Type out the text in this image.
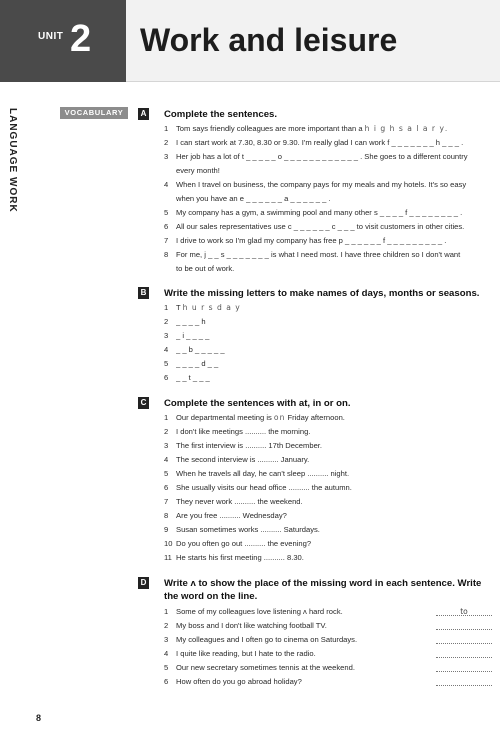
UNIT 2 Work and leisure
LANGUAGE WORK	VOCABULARY	A Complete the sentences.
1	Tom says friendly colleagues are more important than a h i g h s a l a r y.
2	I can start work at 7.30, 8.30 or 9.30. I'm really glad I can work f _ _ _ _ _ _ _ h _ _ _ .
3	Her job has a lot of t _ _ _ _ _ o _ _ _ _ _ _ _ _ _ _ _ _ . She goes to a different country
every month!
4	When I travel on business, the company pays for my meals and my hotels. It's so easy
when you have an e _ _ _ _ _ _ a _ _ _ _ _ _ .
5	My company has a gym, a swimming pool and many other s _ _ _ _ f _ _ _ _ _ _ _ _ .
6	All our sales representatives use c _ _ _ _ _ _ c _ _ _ to visit customers in other cities.
7	I drive to work so I'm glad my company has free p _ _ _ _ _ _ f _ _ _ _ _ _ _ _ _ .
8	For me, j _ _ s _ _ _ _ _ _ _ is what I need most. I have three children so I don't want
to be out of work.
B Write the missing letters to make names of days, months or seasons.
1	T h u r s d a y
2	_ _ _ _ h
3	_ i _ _ _ _
4	_ _ b _ _ _ _ _
5	_ _ _ _ d _ _
6	_ _ t _ _ _
C Complete the sentences with at, in or on.
1	Our departmental meeting is on Friday afternoon.
2	I don't like meetings .......... the morning.
3	The first interview is .......... 17th December.
4	The second interview is .......... January.
5	When he travels all day, he can't sleep .......... night.
6	She usually visits our head office .......... the autumn.
7	They never work .......... the weekend.
8	Are you free .......... Wednesday?
9	Susan sometimes works .......... Saturdays.
10 Do you often go out .......... the evening?
11 He starts his first meeting .......... 8.30.
D Write ʌ to show the place of the missing word in each sentence. Write the word on the line.
1	Some of my colleagues love listening ʌ hard rock.	to
2	My boss and I don't like watching football TV.
3	My colleagues and I often go to cinema on Saturdays.
4	I quite like reading, but I hate to the radio.
5	Our new secretary sometimes tennis at the weekend.
6	How often do you go abroad holiday?
8
